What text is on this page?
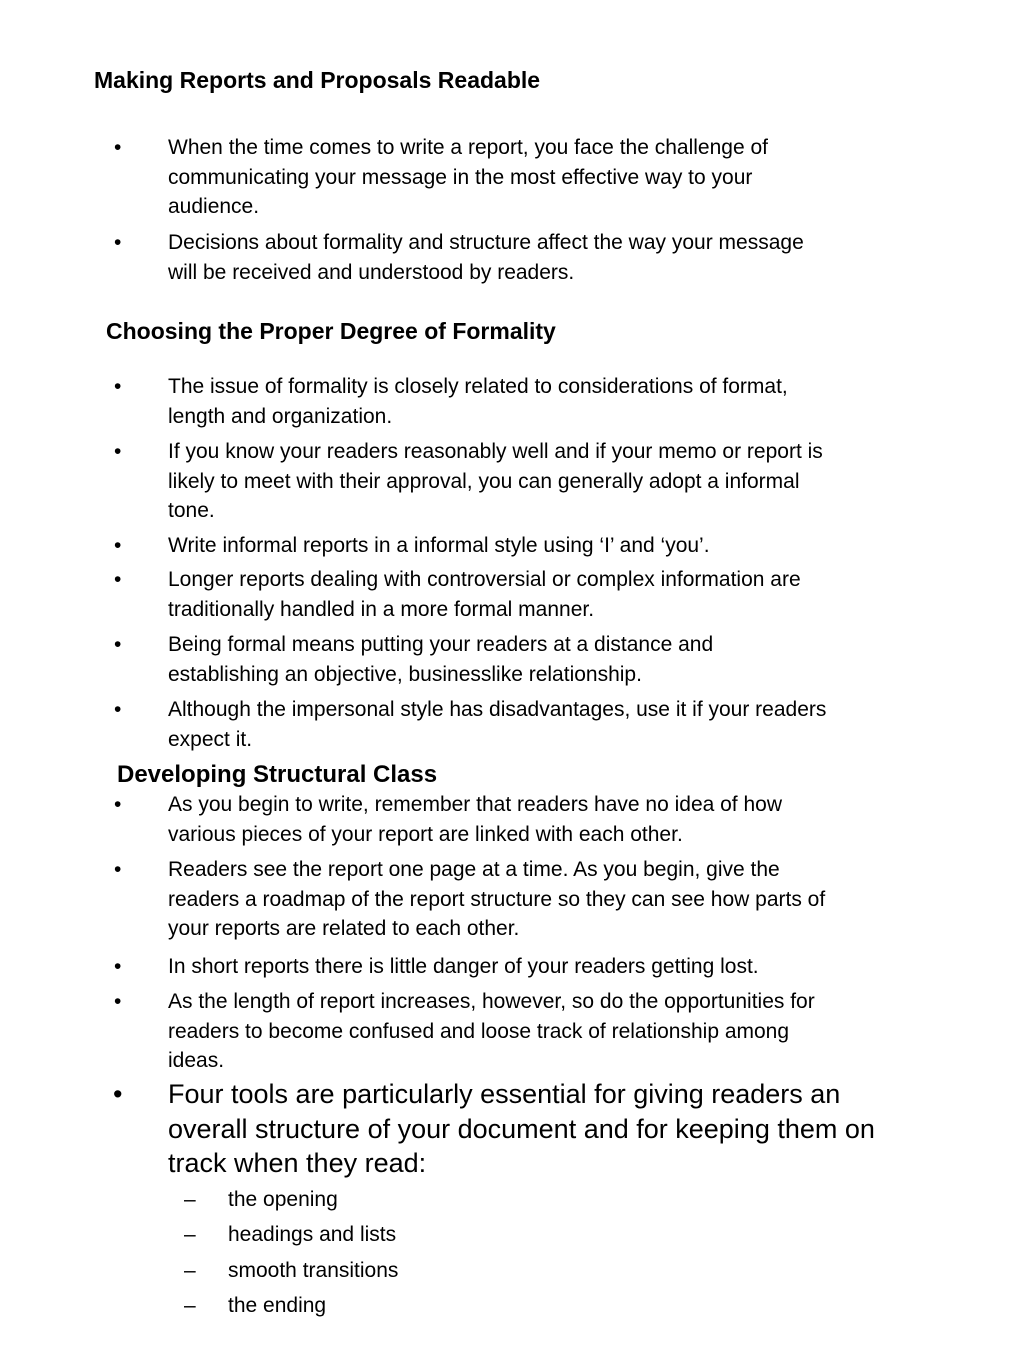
Making Reports and Proposals Readable
• When the time comes to write a report, you face the challenge of
communicating your message in the most effective way to your
audience.
• Decisions about formality and structure affect the way your message
will be received and understood by readers.
Choosing the Proper Degree of Formality
• The issue of formality is closely related to considerations of format,
length and organization.
• If you know your readers reasonably well and if your memo or report is
likely to meet with their approval, you can generally adopt a informal
tone.
• Write informal reports in a informal style using ‘I’ and ‘you’.
• Longer reports dealing with controversial or complex information are
traditionally handled in a more formal manner.
• Being formal means putting your readers at a distance and
establishing an objective, businesslike relationship.
• Although the impersonal style has disadvantages, use it if your readers
expect it.
Developing Structural Class
• As you begin to write, remember that readers have no idea of how
various pieces of your report are linked with each other.
• Readers see the report one page at a time. As you begin, give the
readers a roadmap of the report structure so they can see how parts of
your reports are related to each other.
• In short reports there is little danger of your readers getting lost.
• As the length of report increases, however, so do the opportunities for
readers to become confused and loose track of relationship among
ideas.
• Four tools are particularly essential for giving readers an
overall structure of your document and for keeping them on
track when they read:
– the opening
– headings and lists
– smooth transitions
– the ending
